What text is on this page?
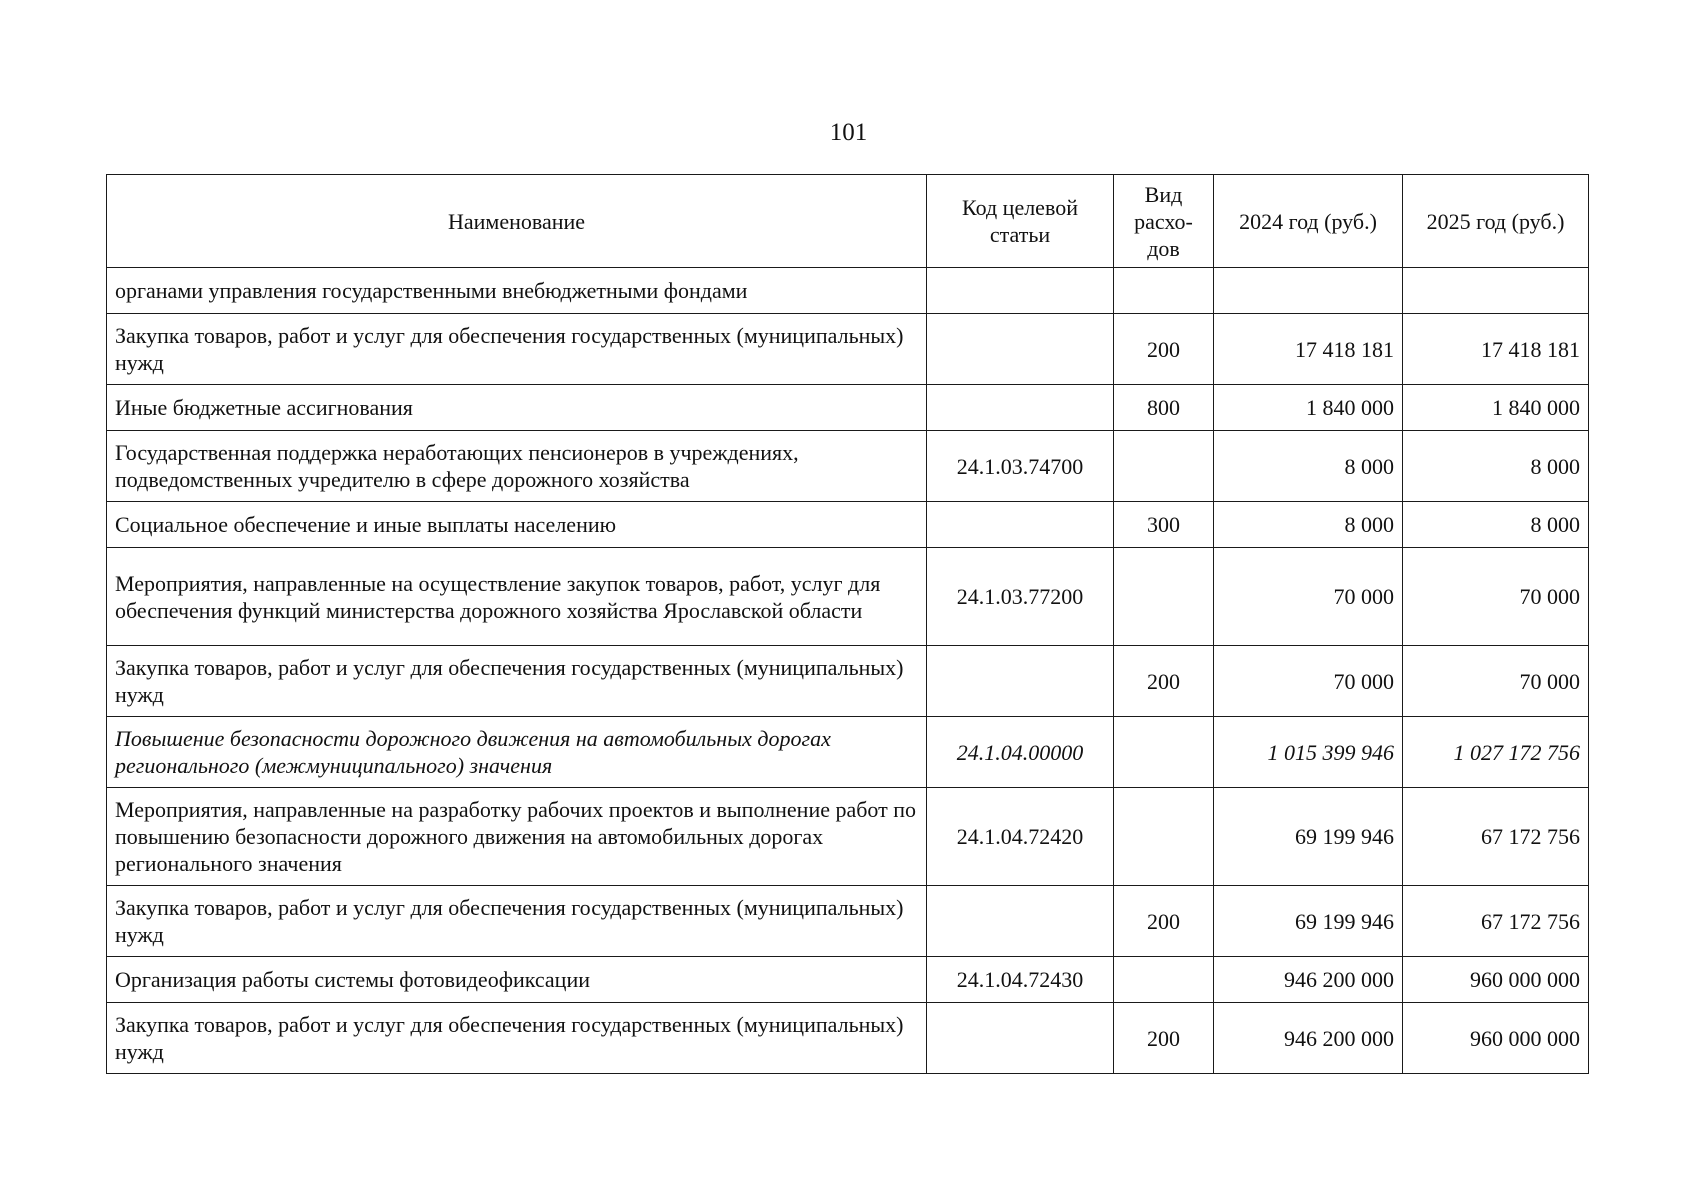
101
Наименование	Код целевой статьи	Вид расхо-дов	2024 год (руб.)	2025 год (руб.)
органами управления государственными внебюджетными фондами				
Закупка товаров, работ и услуг для обеспечения государственных (муниципальных) нужд		200	17 418 181	17 418 181
Иные бюджетные ассигнования		800	1 840 000	1 840 000
Государственная поддержка неработающих пенсионеров в учреждениях, подведомственных учредителю в сфере дорожного хозяйства	24.1.03.74700		8 000	8 000
Социальное обеспечение и иные выплаты населению		300	8 000	8 000
Мероприятия, направленные на осуществление закупок товаров, работ, услуг для обеспечения функций министерства дорожного хозяйства Ярославской области	24.1.03.77200		70 000	70 000
Закупка товаров, работ и услуг для обеспечения государственных (муниципальных) нужд		200	70 000	70 000
Повышение безопасности дорожного движения на автомобильных дорогах регионального (межмуниципального) значения	24.1.04.00000		1 015 399 946	1 027 172 756
Мероприятия, направленные на разработку рабочих проектов и выполнение работ по повышению безопасности дорожного движения на автомобильных дорогах регионального значения	24.1.04.72420		69 199 946	67 172 756
Закупка товаров, работ и услуг для обеспечения государственных (муниципальных) нужд		200	69 199 946	67 172 756
Организация работы системы фотовидеофиксации	24.1.04.72430		946 200 000	960 000 000
Закупка товаров, работ и услуг для обеспечения государственных (муниципальных) нужд		200	946 200 000	960 000 000
